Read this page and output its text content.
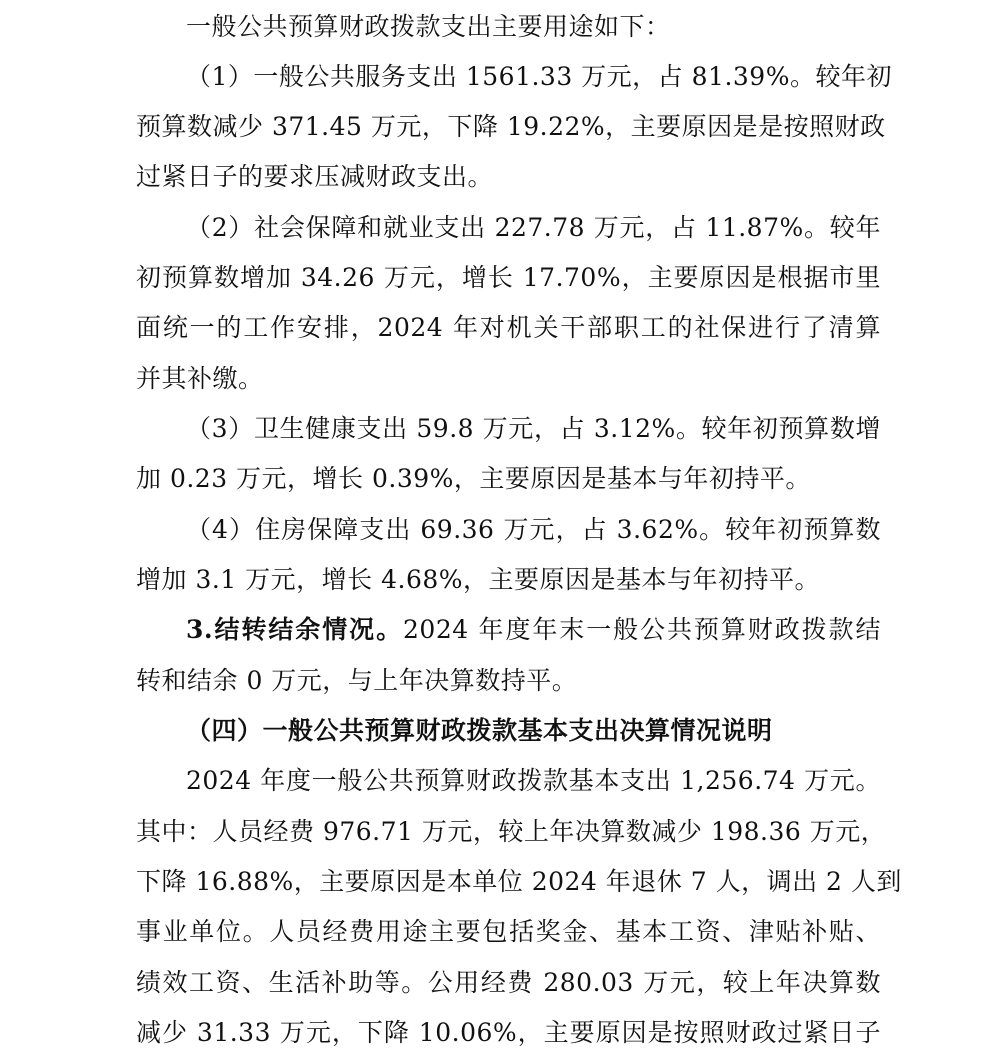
一般公共预算财政拨款支出主要用途如下：
（1）一般公共服务支出 1561.33 万元，占 81.39%。较年初
预算数减少 371.45 万元，下降 19.22%，主要原因是是按照财政
过紧日子的要求压减财政支出。
（2）社会保障和就业支出 227.78 万元，占 11.87%。较年
初预算数增加 34.26 万元，增长 17.70%，主要原因是根据市里
面统一的工作安排，2024 年对机关干部职工的社保进行了清算
并其补缴。
（3）卫生健康支出 59.8 万元，占 3.12%。较年初预算数增
加 0.23 万元，增长 0.39%，主要原因是基本与年初持平。
（4）住房保障支出 69.36 万元，占 3.62%。较年初预算数
增加 3.1 万元，增长 4.68%，主要原因是基本与年初持平。
3.结转结余情况。2024 年度年末一般公共预算财政拨款结
转和结余 0 万元，与上年决算数持平。
（四）一般公共预算财政拨款基本支出决算情况说明
2024 年度一般公共预算财政拨款基本支出 1,256.74 万元。
其中：人员经费 976.71 万元，较上年决算数减少 198.36 万元，
下降 16.88%，主要原因是本单位 2024 年退休 7 人，调出 2 人到
事业单位。人员经费用途主要包括奖金、基本工资、津贴补贴、
绩效工资、生活补助等。公用经费 280.03 万元，较上年决算数
减少 31.33 万元，下降 10.06%，主要原因是按照财政过紧日子
